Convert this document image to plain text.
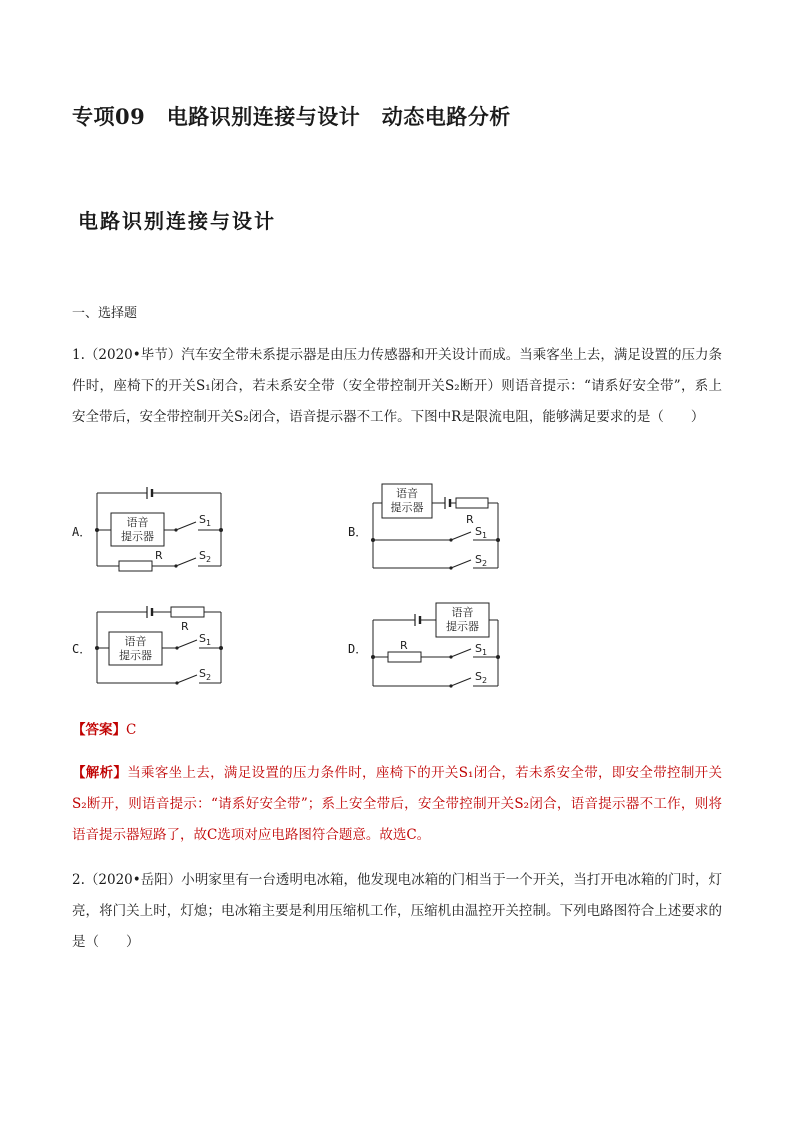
专项09　电路识别连接与设计　动态电路分析
电路识别连接与设计
一、选择题
1.（2020•毕节）汽车安全带未系提示器是由压力传感器和开关设计而成。当乘客坐上去，满足设置的压力条件时，座椅下的开关S₁闭合，若未系安全带（安全带控制开关S₂断开）则语音提示：“请系好安全带”，系上安全带后，安全带控制开关S₂闭合，语音提示器不工作。下图中R是限流电阻，能够满足要求的是（　　）
A．	B．
C．	D．
语音
提示器
R
$S_1$
$S_2$
语音
提示器
R
$S_1$
$S_2$
语音
提示器
R
$S_1$
$S_2$
语音
提示器
R	$S_1$
$S_2$
【答案】C
【解析】当乘客坐上去，满足设置的压力条件时，座椅下的开关S₁闭合，若未系安全带，即安全带控制开关S₂断开，则语音提示：“请系好安全带”；系上安全带后，安全带控制开关S₂闭合，语音提示器不工作，则将语音提示器短路了，故C选项对应电路图符合题意。故选C。
2.（2020•岳阳）小明家里有一台透明电冰箱，他发现电冰箱的门相当于一个开关，当打开电冰箱的门时，灯亮，将门关上时，灯熄；电冰箱主要是利用压缩机工作，压缩机由温控开关控制。下列电路图符合上述要求的是（　　）
